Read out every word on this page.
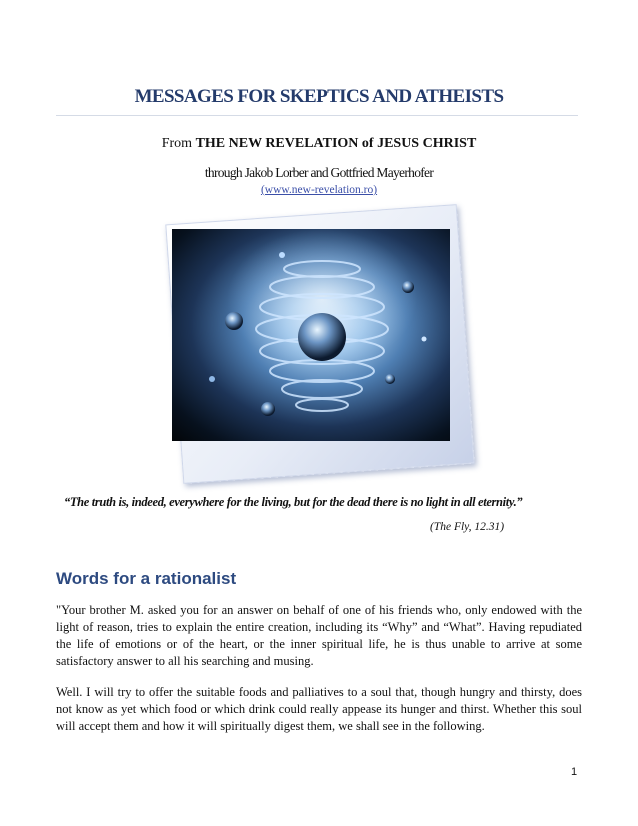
MESSAGES FOR SKEPTICS AND ATHEISTS
From THE NEW REVELATION of JESUS CHRIST
through Jakob Lorber and Gottfried Mayerhofer
(www.new-revelation.ro)
“The truth is, indeed, everywhere for the living, but for the dead there is no light in all eternity.”
(The Fly, 12.31)
Words for a rationalist

"Your brother M. asked you for an answer on behalf of one of his friends who, only endowed with the light of reason, tries to explain the entire creation, including its “Why” and “What”. Having repudiated the life of emotions or of the heart, or the inner spiritual life, he is thus unable to arrive at some satisfactory answer to all his searching and musing.

Well. I will try to offer the suitable foods and palliatives to a soul that, though hungry and thirsty, does not know as yet which food or which drink could really appease its hunger and thirst. Whether this soul will accept them and how it will spiritually digest them, we shall see in the following.

1
